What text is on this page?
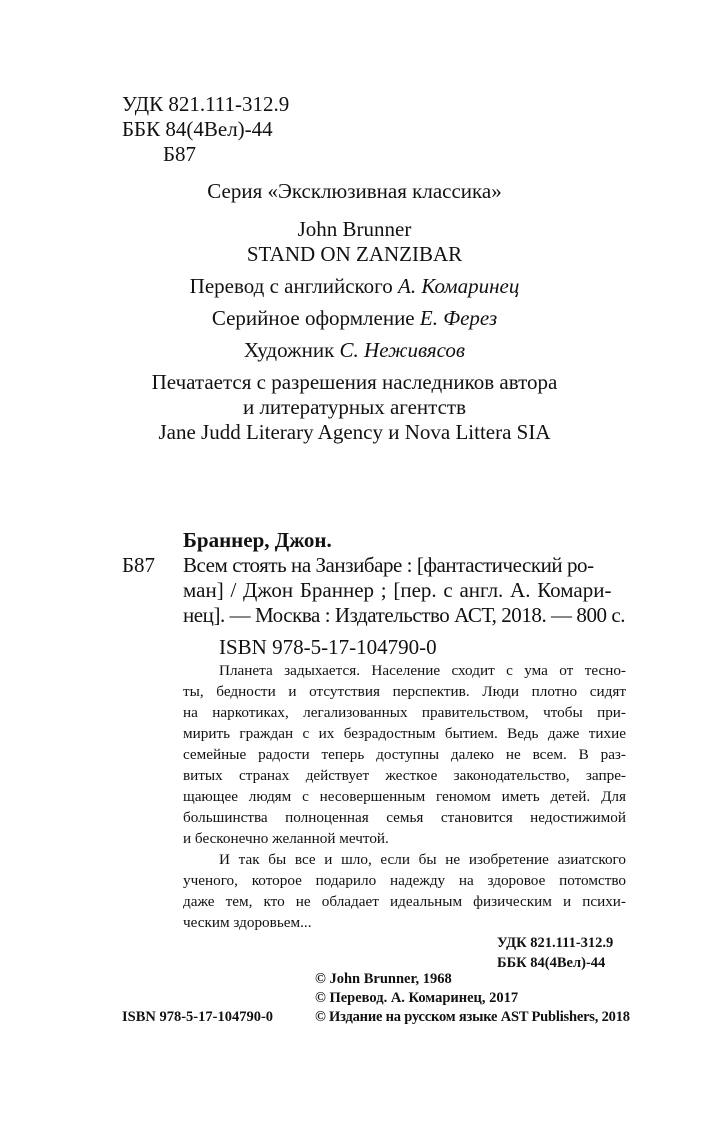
УДК 821.111-312.9
ББК 84(4Вел)-44
Б87
Серия «Эксклюзивная классика»
John Brunner
STAND ON ZANZIBAR
Перевод с английского А. Комаринец
Серийное оформление Е. Ферез
Художник С. Неживясов
Печатается с разрешения наследников автора
и литературных агентств
Jane Judd Literary Agency и Nova Littera SIA
Браннер, Джон.
Б87 Всем стоять на Занзибаре : [фантастический ро-
ман] / Джон Браннер ; [пер. с англ. А. Комари-
нец]. — Москва : Издательство АСТ, 2018. — 800 с.
ISBN 978-5-17-104790-0
Планета задыхается. Население сходит с ума от тесно-
ты, бедности и отсутствия перспектив. Люди плотно сидят
на наркотиках, легализованных правительством, чтобы при-
мирить граждан с их безрадостным бытием. Ведь даже тихие
семейные радости теперь доступны далеко не всем. В раз-
витых странах действует жесткое законодательство, запре-
щающее людям с несовершенным геномом иметь детей. Для
большинства полноценная семья становится недостижимой
и бесконечно желанной мечтой.
И так бы все и шло, если бы не изобретение азиатского
ученого, которое подарило надежду на здоровое потомство
даже тем, кто не обладает идеальным физическим и психи-
ческим здоровьем...
УДК 821.111-312.9
ББК 84(4Вел)-44
© John Brunner, 1968
© Перевод. А. Комаринец, 2017
ISBN 978-5-17-104790-0	© Издание на русском языке AST Publishers, 2018
